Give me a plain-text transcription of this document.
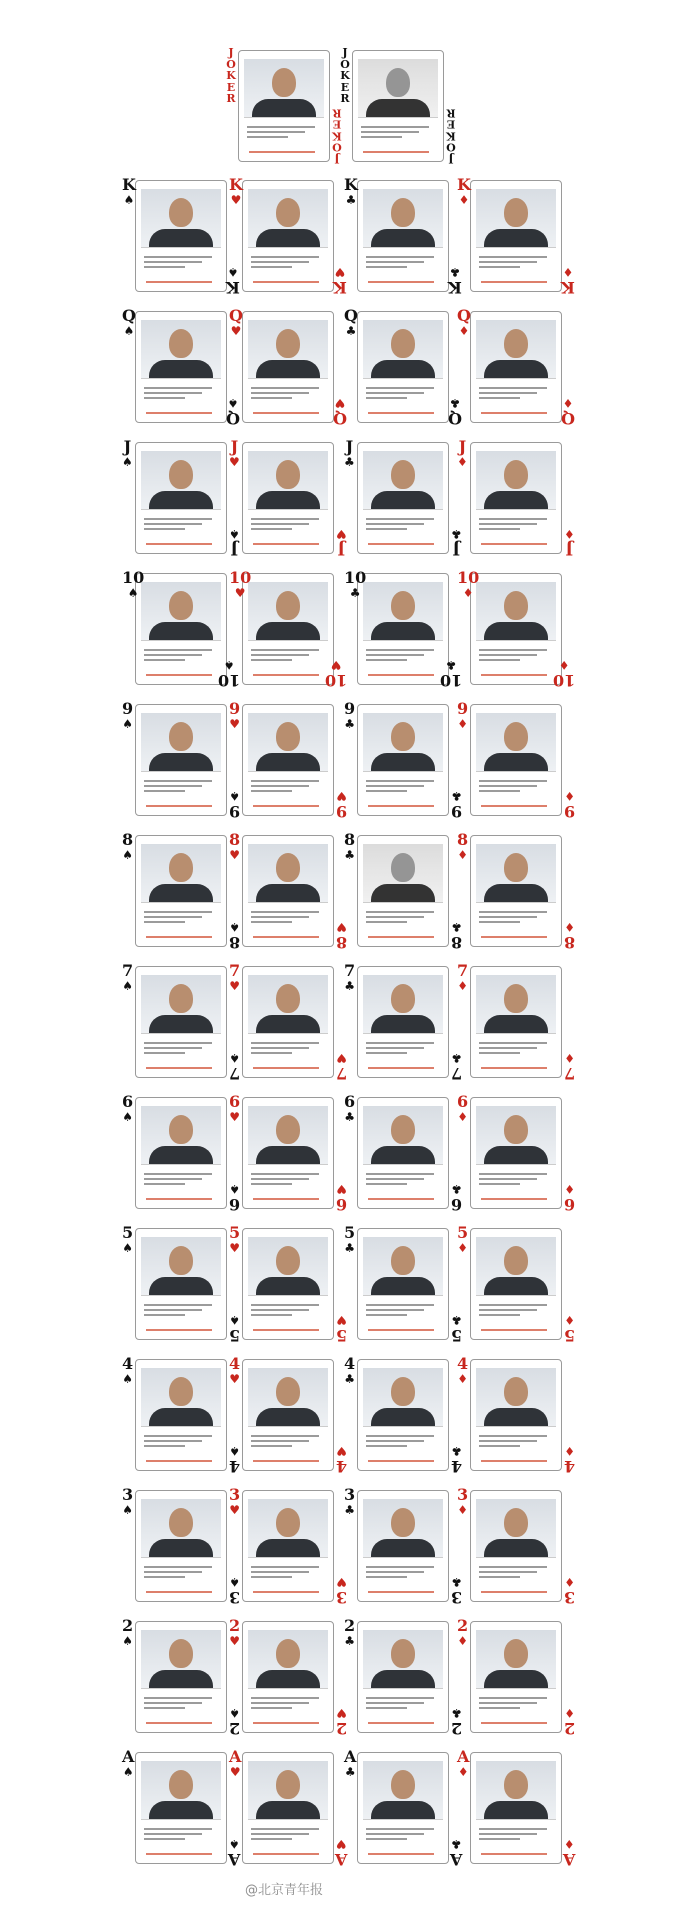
JOKER
JOKER
JOKER
JOKER
K
♠
K
♠
K
♥
K
♥
K
♣
K
♣
K
♦
K
♦
Q
♠
Q
♠
Q
♥
Q
♥
Q
♣
Q
♣
Q
♦
Q
♦
J
♠
J
♠
J
♥
J
♥
J
♣
J
♣
J
♦
J
♦
10
♠
10
♠
10
♥
10
♥
10
♣
10
♣
10
♦
10
♦
9
♠
9
♠
9
♥
9
♥
9
♣
9
♣
9
♦
9
♦
8
♠
8
♠
8
♥
8
♥
8
♣
8
♣
8
♦
8
♦
7
♠
7
♠
7
♥
7
♥
7
♣
7
♣
7
♦
7
♦
6
♠
6
♠
6
♥
6
♥
6
♣
6
♣
6
♦
6
♦
5
♠
5
♠
5
♥
5
♥
5
♣
5
♣
5
♦
5
♦
4
♠
4
♠
4
♥
4
♥
4
♣
4
♣
4
♦
4
♦
3
♠
3
♠
3
♥
3
♥
3
♣
3
♣
3
♦
3
♦
2
♠
2
♠
2
♥
2
♥
2
♣
2
♣
2
♦
2
♦
A
♠
A
♠
A
♥
A
♥
A
♣
A
♣
A
♦
A
♦
@北京青年报
